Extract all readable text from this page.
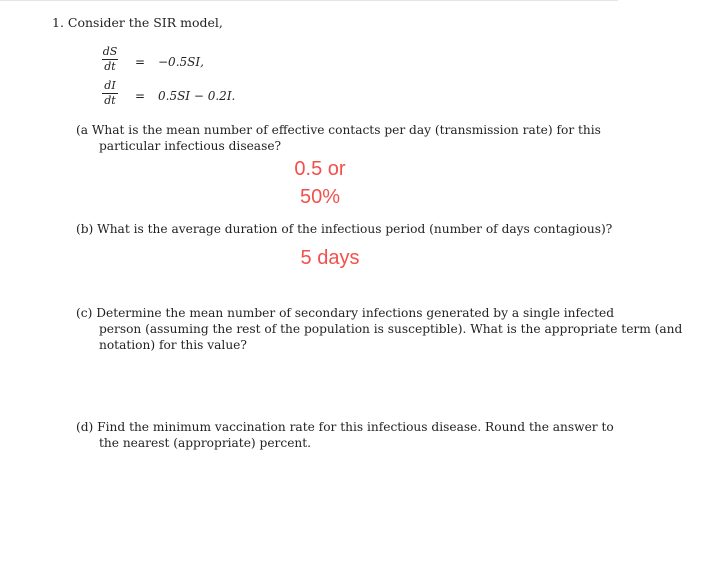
1. Consider the SIR model,
dS
dt	= −0.5SI,
dI
dt	= 0.5SI − 0.2I.
(a What is the mean number of effective contacts per day (transmission rate) for this
particular infectious disease?
0.5 or
50%
(b) What is the average duration of the infectious period (number of days contagious)?
5 days
(c) Determine the mean number of secondary infections generated by a single infected
person (assuming the rest of the population is susceptible). What is the appropriate term (and
notation) for this value?
(d) Find the minimum vaccination rate for this infectious disease. Round the answer to
the nearest (appropriate) percent.
